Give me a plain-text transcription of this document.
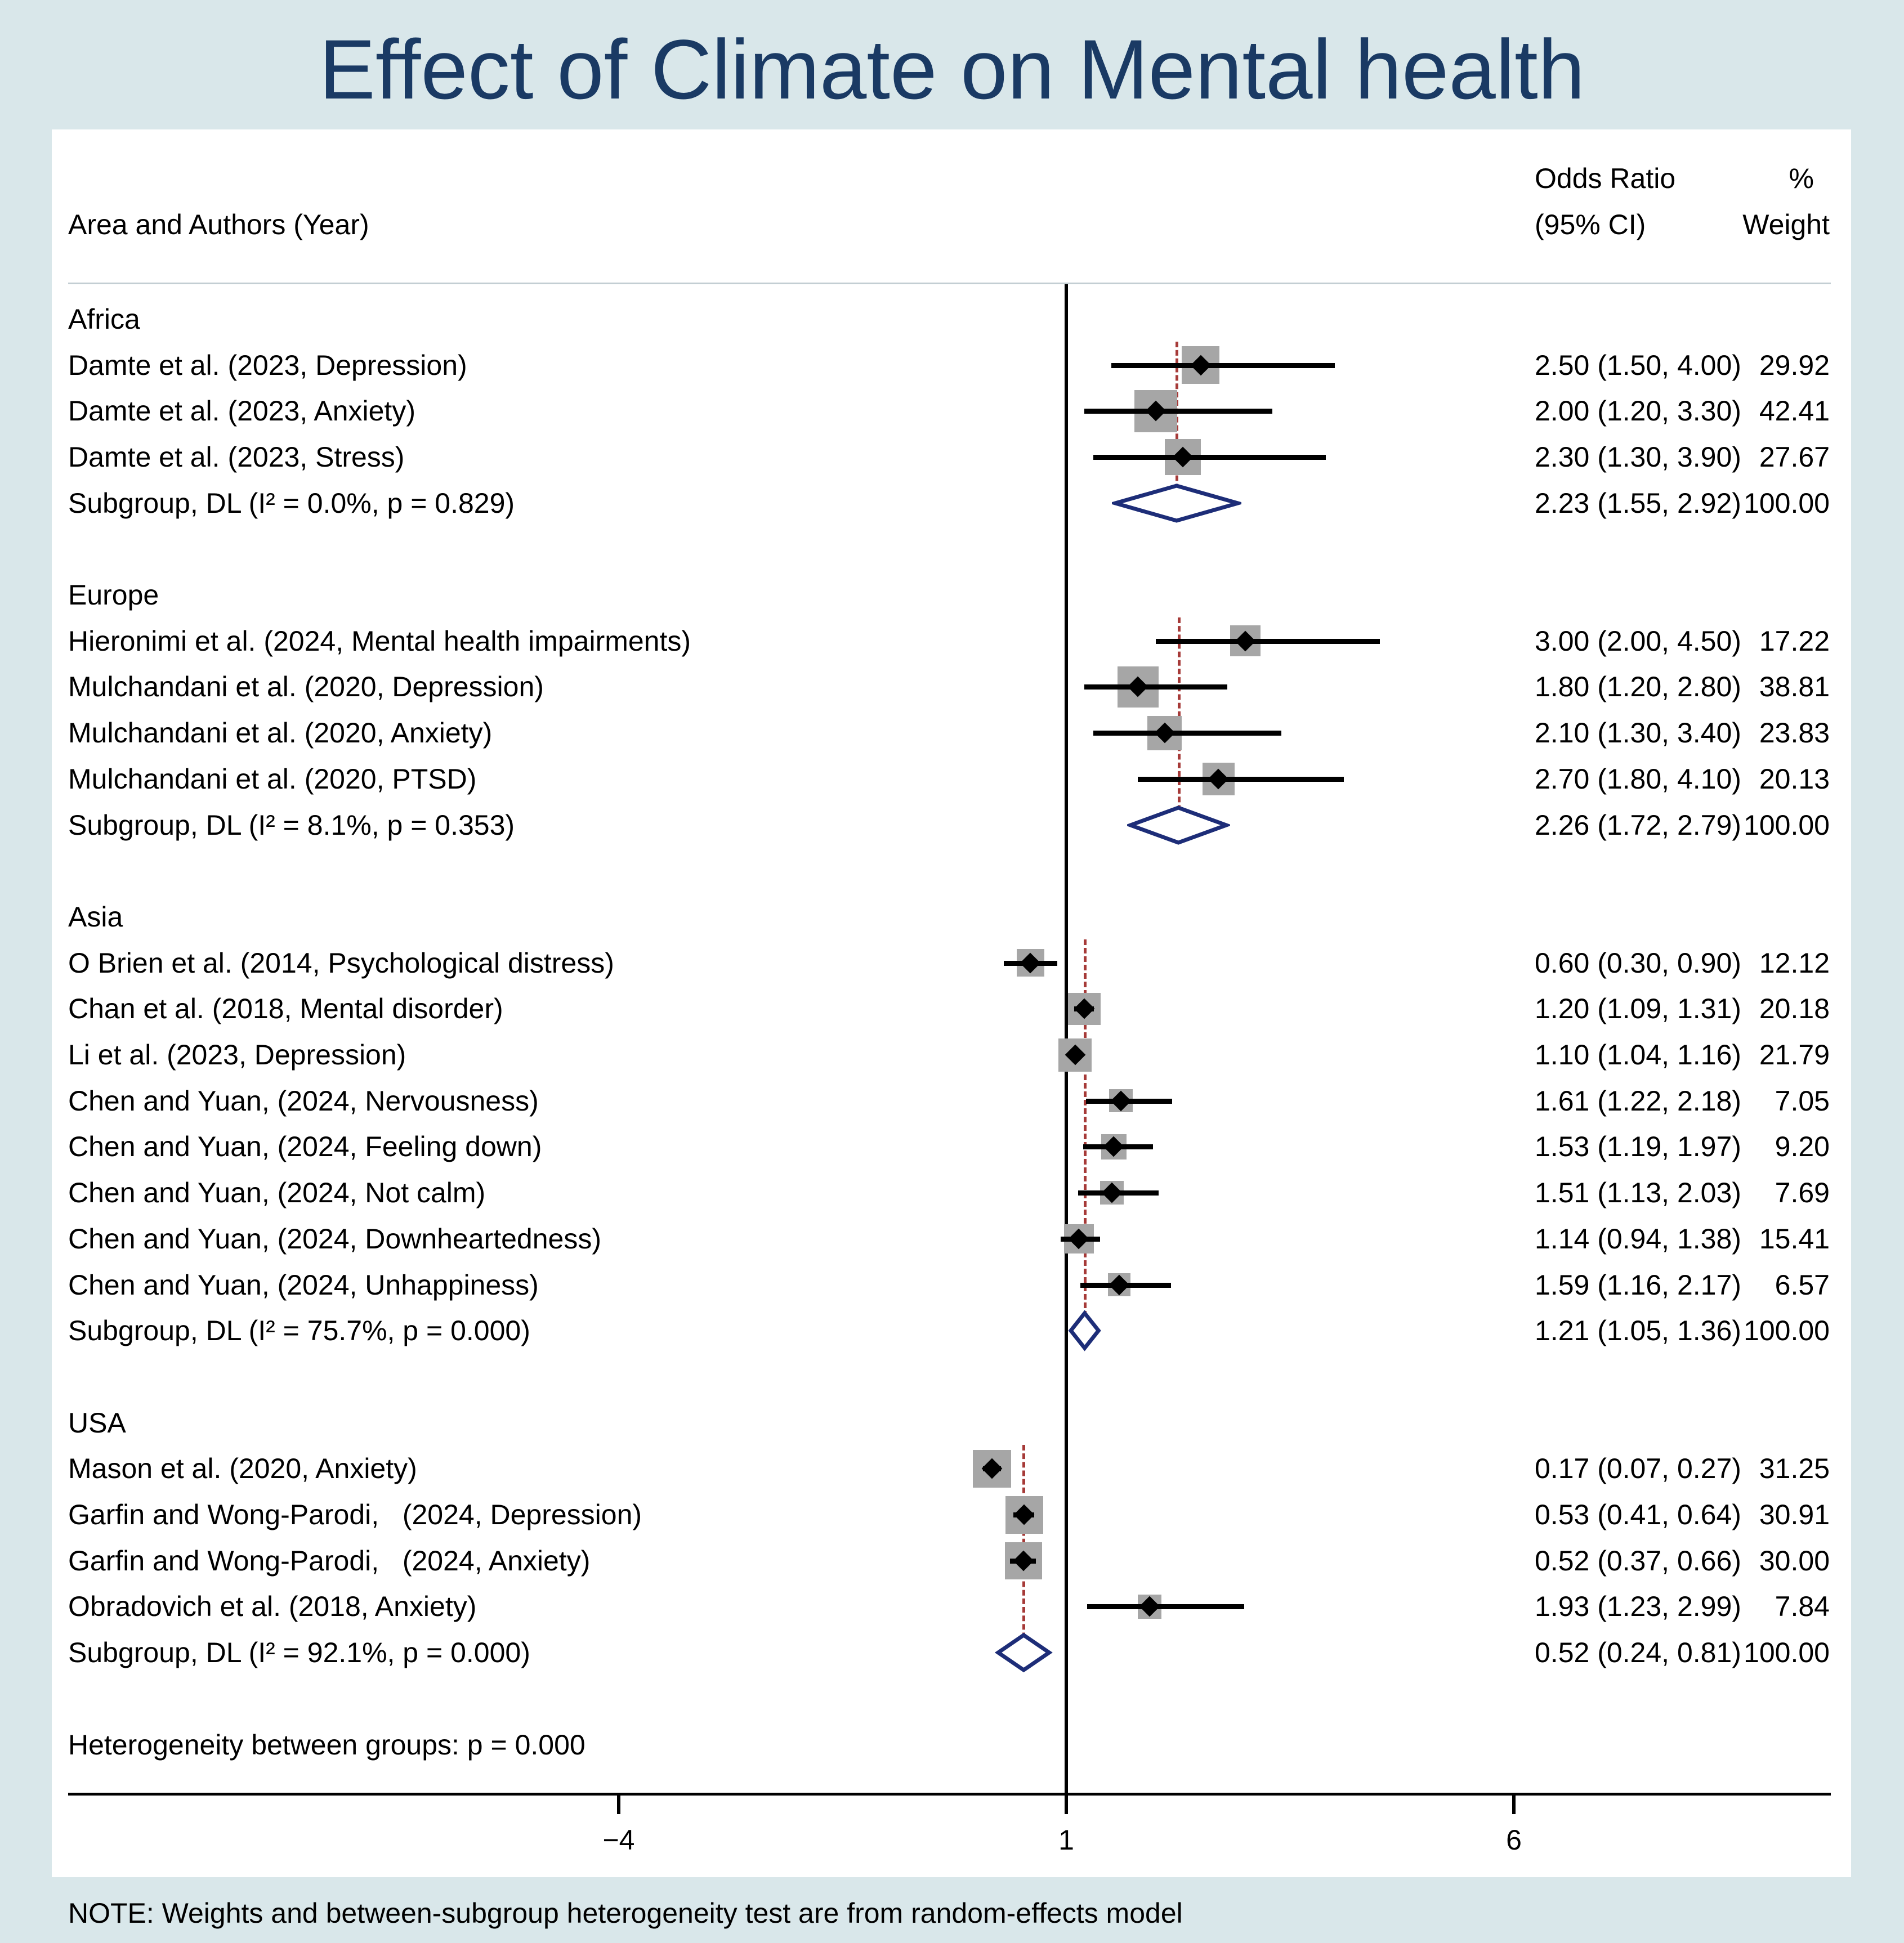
Effect of Climate on Mental health
Area and Authors (Year)
Odds Ratio
(95% CI)
%
Weight
Heterogeneity between groups: p = 0.000
NOTE: Weights and between-subgroup heterogeneity test are from random-effects model
Africa
Damte et al. (2023, Depression)	2.50 (1.50, 4.00) 29.92
Damte et al. (2023, Anxiety)	2.00 (1.20, 3.30) 42.41
Damte et al. (2023, Stress)	2.30 (1.30, 3.90) 27.67
Subgroup, DL (I² = 0.0%, p = 0.829)	2.23 (1.55, 2.92) 100.00
Europe
Hieronimi et al. (2024, Mental health impairments)	3.00 (2.00, 4.50) 17.22
Mulchandani et al. (2020, Depression)	1.80 (1.20, 2.80) 38.81
Mulchandani et al. (2020, Anxiety)	2.10 (1.30, 3.40) 23.83
Mulchandani et al. (2020, PTSD)	2.70 (1.80, 4.10) 20.13
Subgroup, DL (I² = 8.1%, p = 0.353)	2.26 (1.72, 2.79) 100.00
Asia
O Brien et al. (2014, Psychological distress)	0.60 (0.30, 0.90) 12.12
Chan et al. (2018, Mental disorder)	1.20 (1.09, 1.31) 20.18
Li et al. (2023, Depression)	1.10 (1.04, 1.16) 21.79
Chen and Yuan, (2024, Nervousness)	1.61 (1.22, 2.18)	7.05
Chen and Yuan, (2024, Feeling down)	1.53 (1.19, 1.97)	9.20
Chen and Yuan, (2024, Not calm)	1.51 (1.13, 2.03)	7.69
Chen and Yuan, (2024, Downheartedness)	1.14 (0.94, 1.38) 15.41
Chen and Yuan, (2024, Unhappiness)	1.59 (1.16, 2.17)	6.57
Subgroup, DL (I² = 75.7%, p = 0.000)	1.21 (1.05, 1.36) 100.00
USA
Mason et al. (2020, Anxiety)	0.17 (0.07, 0.27) 31.25
Garfin and Wong-Parodi,   (2024, Depression)	0.53 (0.41, 0.64) 30.91
Garfin and Wong-Parodi,   (2024, Anxiety)	0.52 (0.37, 0.66) 30.00
Obradovich et al. (2018, Anxiety)	1.93 (1.23, 2.99)	7.84
Subgroup, DL (I² = 92.1%, p = 0.000)	0.52 (0.24, 0.81) 100.00
−4	1	6
